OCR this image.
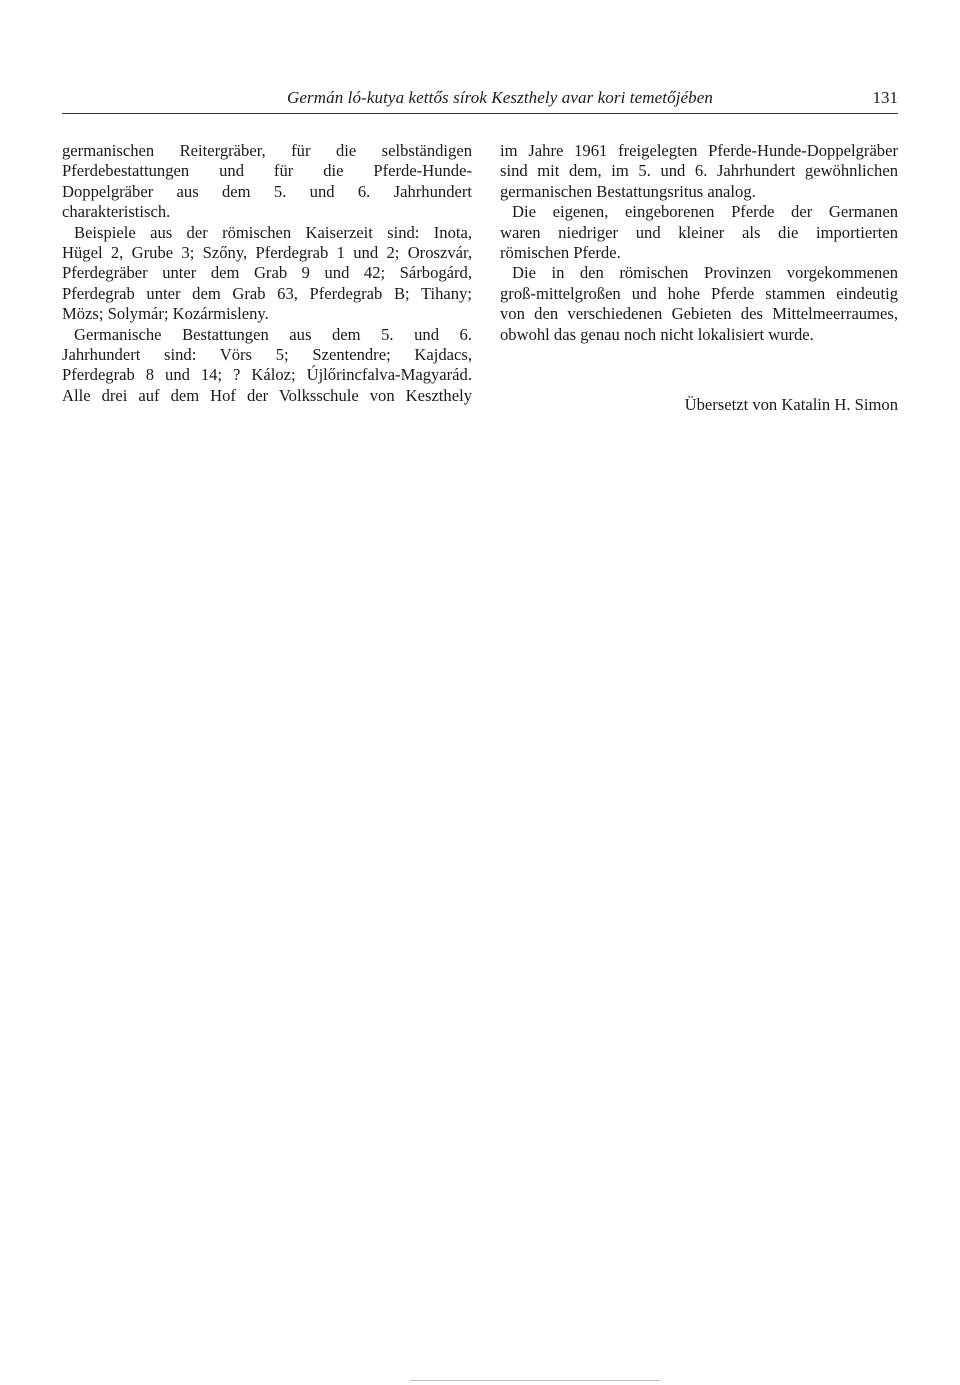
Germán ló-kutya kettős sírok Keszthely avar kori temetőjében	131
germanischen Reitergräber, für die selbständigen
Pferdebestattungen und für die Pferde-Hunde-
Doppelgräber aus dem 5. und 6. Jahrhundert
charakteristisch.
Beispiele aus der römischen Kaiserzeit sind: Inota,
Hügel 2, Grube 3; Szőny, Pferdegrab 1 und 2; Oroszvár,
Pferdegräber unter dem Grab 9 und 42; Sárbogárd,
Pferdegrab unter dem Grab 63, Pferdegrab B; Tihany;
Mözs; Solymár; Kozármisleny.
Germanische Bestattungen aus dem 5. und 6.
Jahrhundert sind: Vörs 5; Szentendre; Kajdacs,
Pferdegrab 8 und 14; ? Káloz; Újlőrincfalva-Magyarád.
Alle drei auf dem Hof der Volksschule von Keszthely
im Jahre 1961 freigelegten Pferde-Hunde-Doppelgräber
sind mit dem, im 5. und 6. Jahrhundert gewöhnlichen
germanischen Bestattungsritus analog.
Die eigenen, eingeborenen Pferde der Germanen
waren niedriger und kleiner als die importierten
römischen Pferde.
Die in den römischen Provinzen vorgekommenen
groß-mittelgroßen und hohe Pferde stammen eindeutig
von den verschiedenen Gebieten des Mittelmeerraumes,
obwohl das genau noch nicht lokalisiert wurde.
Übersetzt von Katalin H. Simon
